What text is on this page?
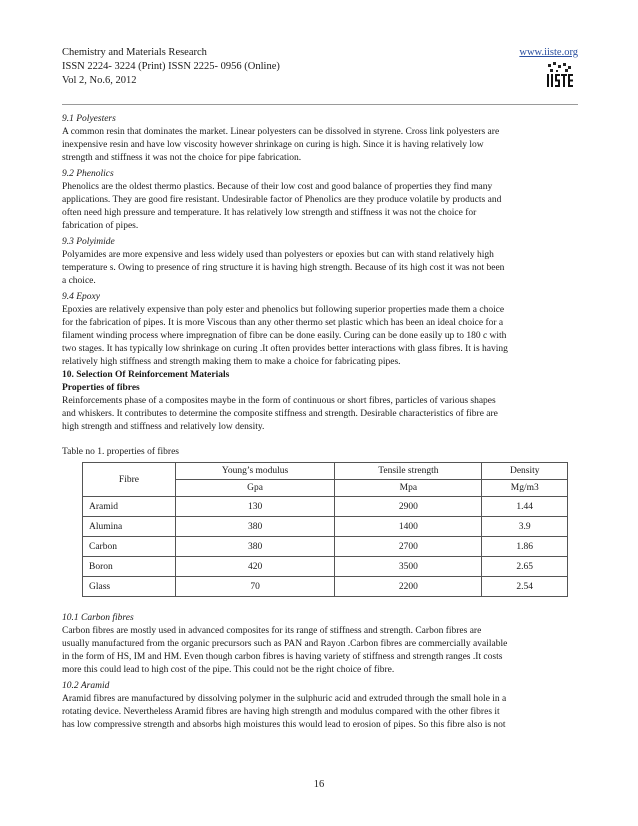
Chemistry and Materials Research
ISSN 2224- 3224 (Print) ISSN 2225- 0956 (Online)
Vol 2, No.6, 2012
www.iiste.org
9.1 Polyesters
A common resin that dominates the market. Linear polyesters can be dissolved in styrene. Cross link polyesters are
inexpensive resin and have low viscosity however shrinkage on curing is high. Since it is having relatively low
strength and stiffness it was not the choice for pipe fabrication.
9.2 Phenolics
Phenolics are the oldest thermo plastics. Because of their low cost and good balance of properties they find many
applications. They are good fire resistant. Undesirable factor of Phenolics are they produce volatile by products and
often need high pressure and temperature. It has relatively low strength and stiffness it was not the choice for
fabrication of pipes.
9.3 Polyimide
Polyamides are more expensive and less widely used than polyesters or epoxies but can with stand relatively high
temperature s. Owing to presence of ring structure it is having high strength. Because of its high cost it was not been
a choice.
9.4 Epoxy
Epoxies are relatively expensive than poly ester and phenolics but following superior properties made them a choice
for the fabrication of pipes. It is more Viscous than any other thermo set plastic which has been an ideal choice for a
filament winding process where impregnation of fibre can be done easily. Curing can be done easily up to 180 c with
two stages. It has typically low shrinkage on curing .It often provides better interactions with glass fibres. It is having
relatively high stiffness and strength making them to make a choice for fabricating pipes.
10. Selection Of Reinforcement Materials
Properties of fibres
Reinforcements phase of a composites maybe in the form of continuous or short fibres, particles of various shapes
and whiskers. It contributes to determine the composite stiffness and strength. Desirable characteristics of fibre are
high strength and stiffness and relatively low density.
Table no 1. properties of fibres
Fibre	Young’s modulus	Tensile strength	Density
	Gpa	Mpa	Mg/m3
Aramid	130	2900	1.44
Alumina	380	1400	3.9
Carbon	380	2700	1.86
Boron	420	3500	2.65
Glass	70	2200	2.54
10.1 Carbon fibres
Carbon fibres are mostly used in advanced composites for its range of stiffness and strength. Carbon fibres are
usually manufactured from the organic precursors such as PAN and Rayon .Carbon fibres are commercially available
in the form of HS, IM and HM. Even though carbon fibres is having variety of stiffness and strength ranges .It costs
more this could lead to high cost of the pipe. This could not be the right choice of fibre.
10.2 Aramid
Aramid fibres are manufactured by dissolving polymer in the sulphuric acid and extruded through the small hole in a
rotating device. Nevertheless Aramid fibres are having high strength and modulus compared with the other fibres it
has low compressive strength and absorbs high moistures this would lead to erosion of pipes. So this fibre also is not
16
